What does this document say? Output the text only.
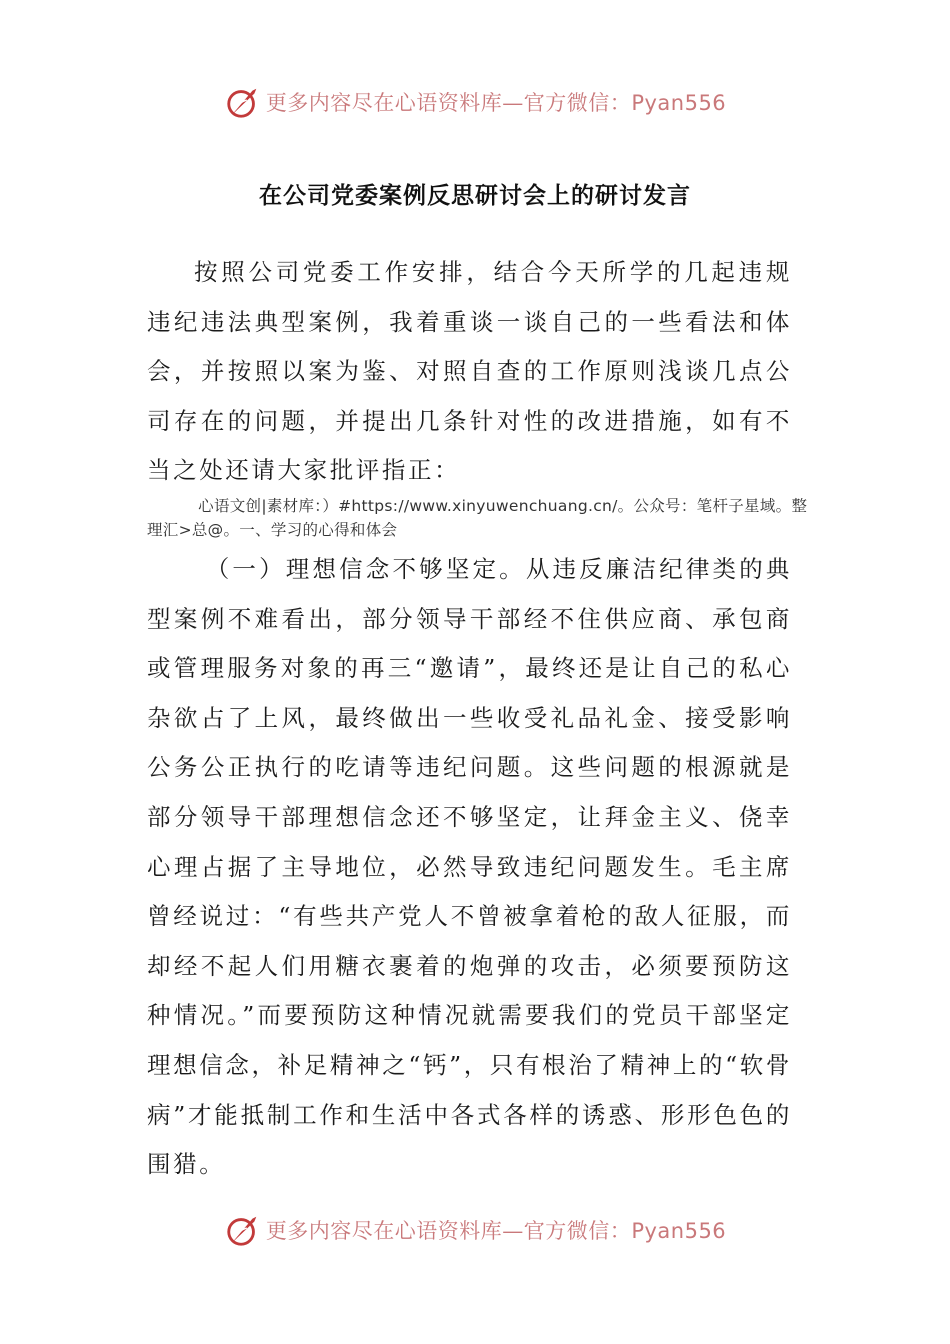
更多内容尽在心语资料库—官方微信：Pyan556
在公司党委案例反思研讨会上的研讨发言

按照公司党委工作安排，结合今天所学的几起违规违纪违法典型案例，我着重谈一谈自己的一些看法和体会，并按照以案为鉴、对照自查的工作原则浅谈几点公司存在的问题，并提出几条针对性的改进措施，如有不当之处还请大家批评指正：

心语文创|素材库：）#https://www.xinyuwenchuang.cn/。公众号：笔杆子星域。整理汇>总@。一、学习的心得和体会

（一）理想信念不够坚定。从违反廉洁纪律类的典型案例不难看出，部分领导干部经不住供应商、承包商或管理服务对象的再三“邀请”，最终还是让自己的私心杂欲占了上风，最终做出一些收受礼品礼金、接受影响公务公正执行的吃请等违纪问题。这些问题的根源就是部分领导干部理想信念还不够坚定，让拜金主义、侥幸心理占据了主导地位，必然导致违纪问题发生。毛主席曾经说过：“有些共产党人不曾被拿着枪的敌人征服，而却经不起人们用糖衣裹着的炮弹的攻击，必须要预防这种情况。”而要预防这种情况就需要我们的党员干部坚定理想信念，补足精神之“钙”，只有根治了精神上的“软骨病”才能抵制工作和生活中各式各样的诱惑、形形色色的围猎。

更多内容尽在心语资料库—官方微信：Pyan556
